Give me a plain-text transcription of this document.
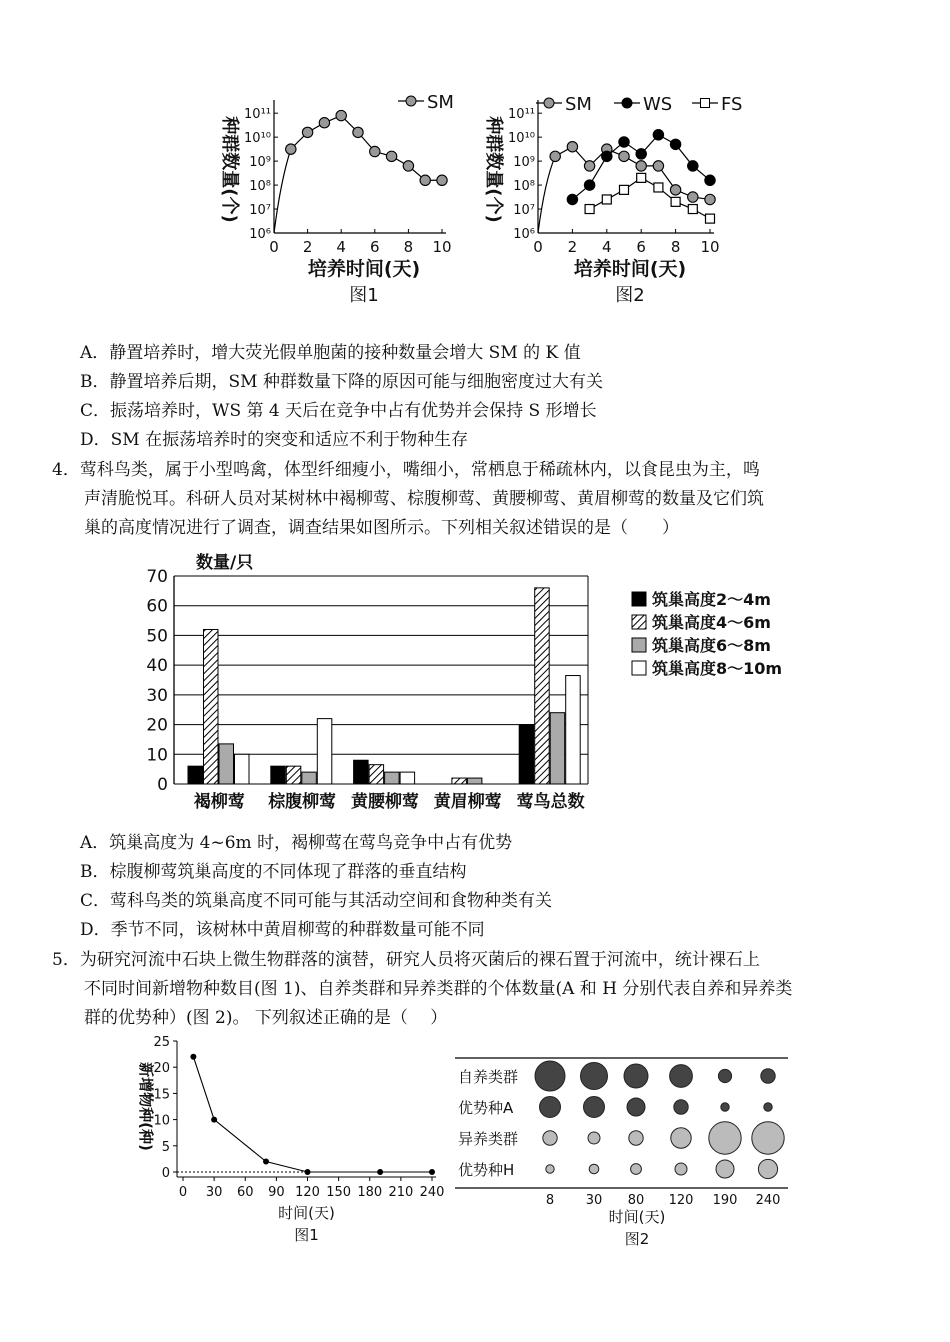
10¹¹
10¹⁰
10⁹
10⁸
10⁷
10⁶
0 2 4 6 8 10
种群数量(个)
培养时间(天)
图1
SM
10¹¹
10¹⁰
10⁹
10⁸
10⁷
10⁶
0 2 4 6 8 10
种群数量(个)
培养时间(天)
图2
SM	WS	FS
0
10
20
30
40
50
60
70
数量/只
褐柳莺 棕腹柳莺 黄腰柳莺 黄眉柳莺 莺鸟总数
筑巢高度2～4m
筑巢高度4～6m
筑巢高度6～8m
筑巢高度8～10m
25
20
15
10
5
0
0 30 60 90 120 150 180 210 240
新增物种(种)
时间(天)
图1
自养类群
优势种A
异养类群
优势种H
8 30 80 120 190 240
时间(天)
图2
A．静置培养时，增大荧光假单胞菌的接种数量会增大 SM 的 K 值
B．静置培养后期，SM 种群数量下降的原因可能与细胞密度过大有关
C．振荡培养时，WS 第 4 天后在竞争中占有优势并会保持 S 形增长
D．SM 在振荡培养时的突变和适应不利于物种生存
4．莺科鸟类，属于小型鸣禽，体型纤细瘦小，嘴细小，常栖息于稀疏林内，以食昆虫为主，鸣
声清脆悦耳。科研人员对某树林中褐柳莺、棕腹柳莺、黄腰柳莺、黄眉柳莺的数量及它们筑
巢的高度情况进行了调查，调查结果如图所示。下列相关叙述错误的是（　　）
A．筑巢高度为 4~6m 时，褐柳莺在莺鸟竞争中占有优势
B．棕腹柳莺筑巢高度的不同体现了群落的垂直结构
C．莺科鸟类的筑巢高度不同可能与其活动空间和食物种类有关
D．季节不同，该树林中黄眉柳莺的种群数量可能不同
5．为研究河流中石块上微生物群落的演替，研究人员将灭菌后的裸石置于河流中，统计裸石上
不同时间新增物种数目(图 1)、自养类群和异养类群的个体数量(A 和 H 分别代表自养和异养类
群的优势种）(图 2)。 下列叙述正确的是（　 ）
